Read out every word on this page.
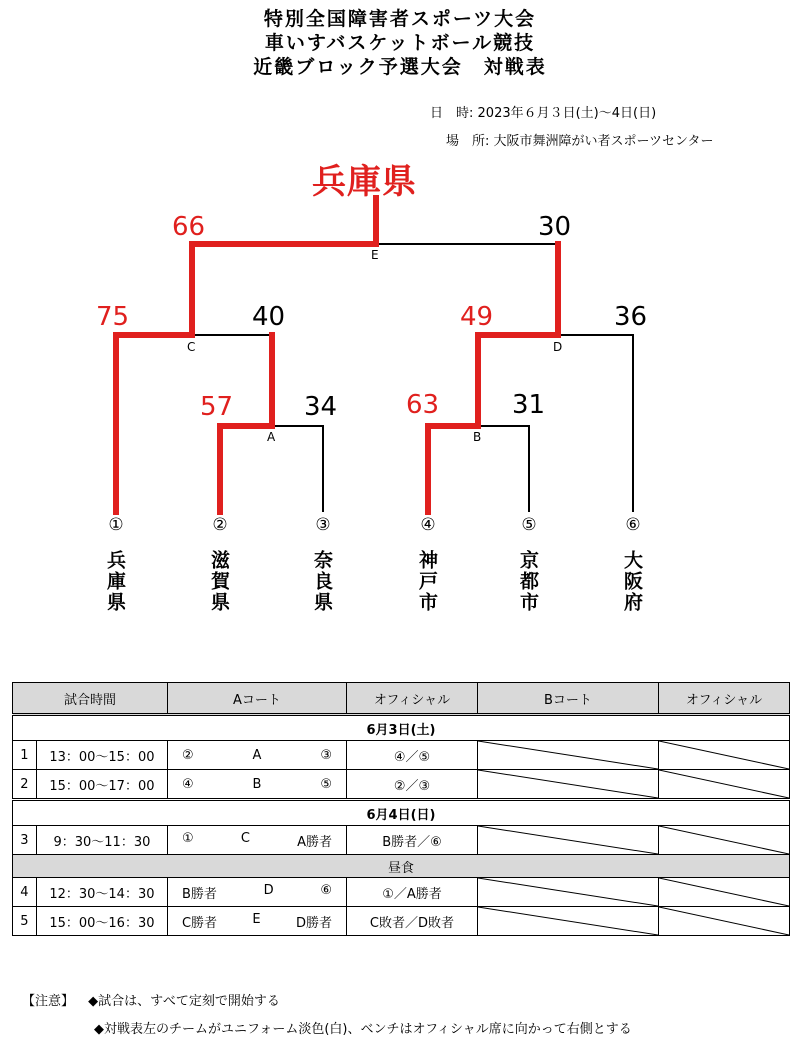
特別全国障害者スポーツ大会
車いすバスケットボール競技
近畿ブロック予選大会　対戦表
日　時: 2023年６月３日(土)～4日(日)
場　所: 大阪市舞洲障がい者スポーツセンター
兵庫県
66	30
E
75	40
C
49	36
D
57	34
A
63	31
B
①	②	③	④	⑤	⑥
兵庫県	滋賀県	奈良県	神戸市	京都市	大阪府
試合時間		Aコート	オフィシャル	Bコート	オフィシャル
6月3日(土)					
1	13：00～15：00	② A ③	④／⑤	

2	15：00～17：00	④ B ⑤	②／③	

6月4日(日)					
3	9：30～11：30	① C A勝者	B勝者／⑥	

昼食					
4	12：30～14：30	B勝者 D ⑥	①／A勝者	

5	15：00～16：30	C勝者 E D勝者	C敗者／D敗者	

【注意】 ◆試合は、すべて定刻で開始する
◆対戦表左のチームがユニフォーム淡色(白)、ベンチはオフィシャル席に向かって右側とする
